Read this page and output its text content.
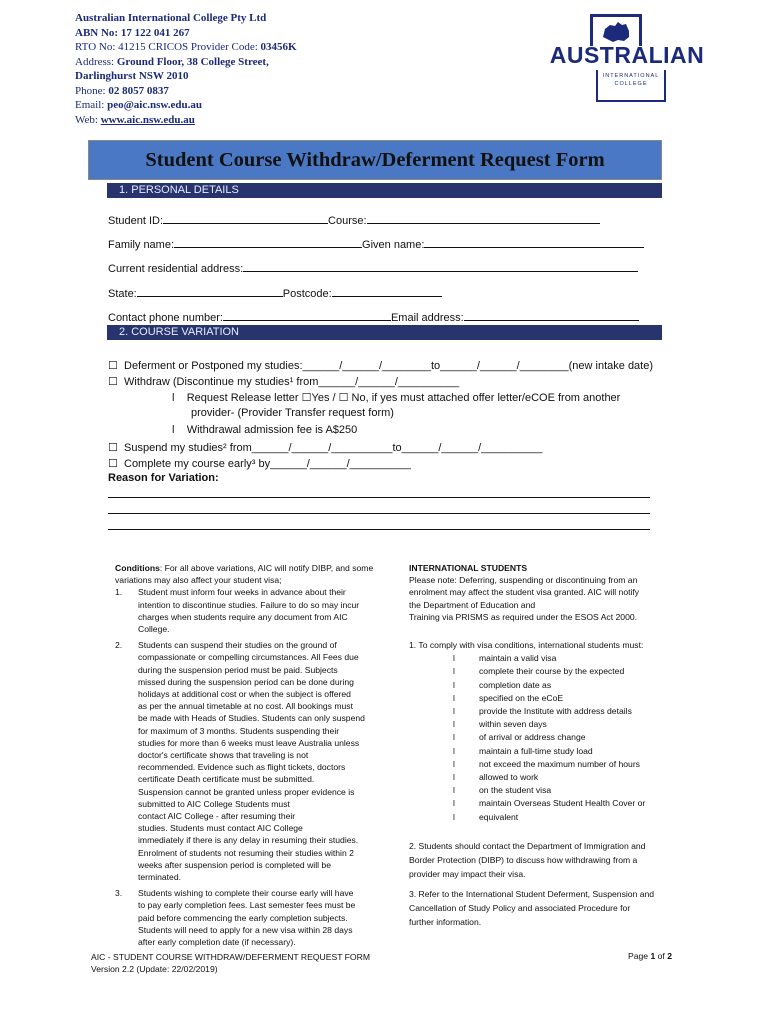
Australian International College Pty Ltd
ABN No: 17 122 041 267
RTO No: 41215 CRICOS Provider Code: 03456K
Address: Ground Floor, 38 College Street,
Darlinghurst NSW 2010
Phone: 02 8057 0837
Email: peo@aic.nsw.edu.au
Web: www.aic.nsw.edu.au
AUSTRALIAN
INTERNATIONAL
COLLEGE
Student Course Withdraw/Deferment Request Form
1. PERSONAL DETAILS
Student ID:	Course:
Family name:	Given name:
Current residential address:
State:	Postcode:
Contact phone number:	Email address:
2. COURSE VARIATION
☐ Deferment or Postponed my studies:______/______/________to______/______/________(new intake date)
☐ Withdraw (Discontinue my studies¹ from______/______/__________
l Request Release letter ☐Yes / ☐ No, if yes must attached offer letter/eCOE from another
provider- (Provider Transfer request form)
l Withdrawal admission fee is A$250
☐ Suspend my studies² from______/______/__________to______/______/__________
☐ Complete my course early³ by______/______/__________
Reason for Variation:
Conditions: For all above variations, AIC will notify DIBP, and some variations may also affect your student visa;
1.	Student must inform four weeks in advance about their
intention to discontinue studies. Failure to do so may incur
charges when students require any document from AIC
College.
2.	Students can suspend their studies on the ground of
compassionate or compelling circumstances. All Fees due
during the suspension period must be paid. Subjects
missed during the suspension period can be done during
holidays at additional cost or when the subject is offered
as per the annual timetable at no cost. All bookings must
be made with Heads of Studies. Students can only suspend
for maximum of 3 months. Students suspending their
studies for more than 6 weeks must leave Australia unless
doctor's certificate shows that traveling is not
recommended. Evidence such as flight tickets, doctors
certificate Death certificate must be submitted.
Suspension cannot be granted unless proper evidence is
submitted to AIC College Students must
contact AIC College - after resuming their
studies. Students must contact AIC College
immediately if there is any delay in resuming their studies.
Enrolment of students not resuming their studies within 2
weeks after suspension period is completed will be
terminated.
3.	Students wishing to complete their course early will have
to pay early completion fees. Last semester fees must be
paid before commencing the early completion subjects.
Students will need to apply for a new visa within 28 days
after early completion date (if necessary).
INTERNATIONAL STUDENTS
Please note: Deferring, suspending or discontinuing from an
enrolment may affect the student visa granted. AIC will notify
the Department of Education and
Training via PRISMS as required under the ESOS Act 2000.
1. To comply with visa conditions, international students must:
l	maintain a valid visa
l	complete their course by the expected
l	completion date as
l	specified on the eCoE
l	provide the Institute with address details
l	within seven days
l	of arrival or address change
l	maintain a full-time study load
l	not exceed the maximum number of hours
l	allowed to work
l	on the student visa
l	maintain Overseas Student Health Cover or
l	equivalent
2. Students should contact the Department of Immigration and
Border Protection (DIBP) to discuss how withdrawing from a
provider may impact their visa.
3. Refer to the International Student Deferment, Suspension and
Cancellation of Study Policy and associated Procedure for
further information.
AIC - STUDENT COURSE WITHDRAW/DEFERMENT REQUEST FORM
Version 2.2 (Update: 22/02/2019)
Page 1 of 2
